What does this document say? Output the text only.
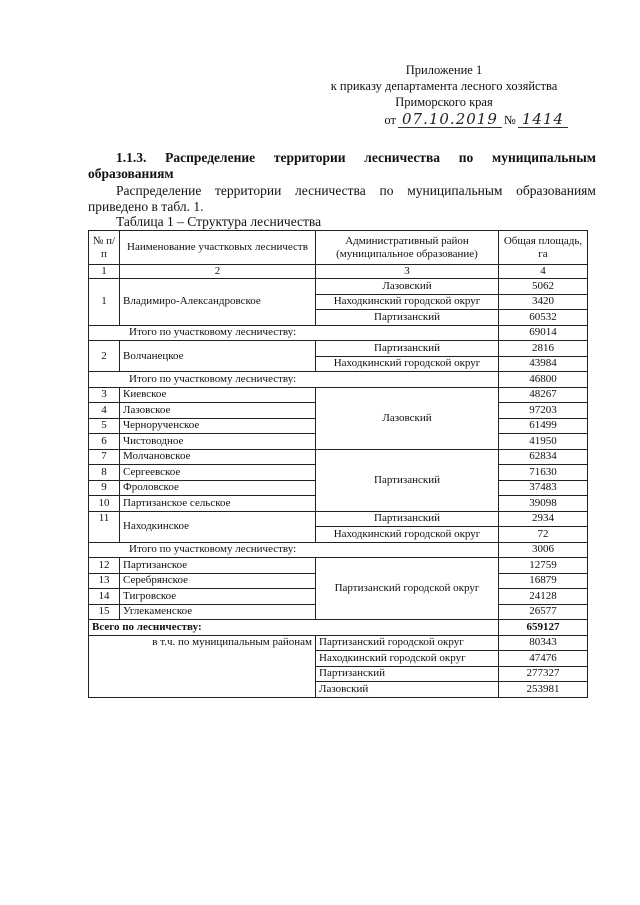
Приложение 1
к приказу департамента лесного хозяйства
Приморского края
от 07.10.2019 № 1414
1.1.3. Распределение территории лесничества по муниципальным
образованиям
Распределение территории лесничества по муниципальным образованиям
приведено в табл. 1.
Таблица 1 – Структура лесничества
№ п/п	Наименование участковых лесничеств	Административный район (муниципальное образование)	Общая площадь, га
1	2	3	4
1	Владимиро-Александровское	Лазовский	5062
		Находкинский городской округ	3420
		Партизанский	60532
Итого по участковому лесничеству:			69014
2	Волчанецкое	Партизанский	2816
		Находкинский городской округ	43984
Итого по участковому лесничеству:			46800
3	Киевское	Лазовский	48267
4	Лазовское		97203
5	Чернорученское		61499
6	Чистоводное		41950
7	Молчановское	Партизанский	62834
8	Сергеевское		71630
9	Фроловское		37483
10	Партизанское сельское		39098
11	Находкинское	Партизанский	2934
		Находкинский городской округ	72
Итого по участковому лесничеству:			3006
12	Партизанское	Партизанский городской округ	12759
13	Серебрянское		16879
14	Тигровское		24128
15	Углекаменское		26577
Всего по лесничеству:			659127
в т.ч. по муниципальным районам		Партизанский городской округ	80343
		Находкинский городской округ	47476
		Партизанский	277327
		Лазовский	253981
